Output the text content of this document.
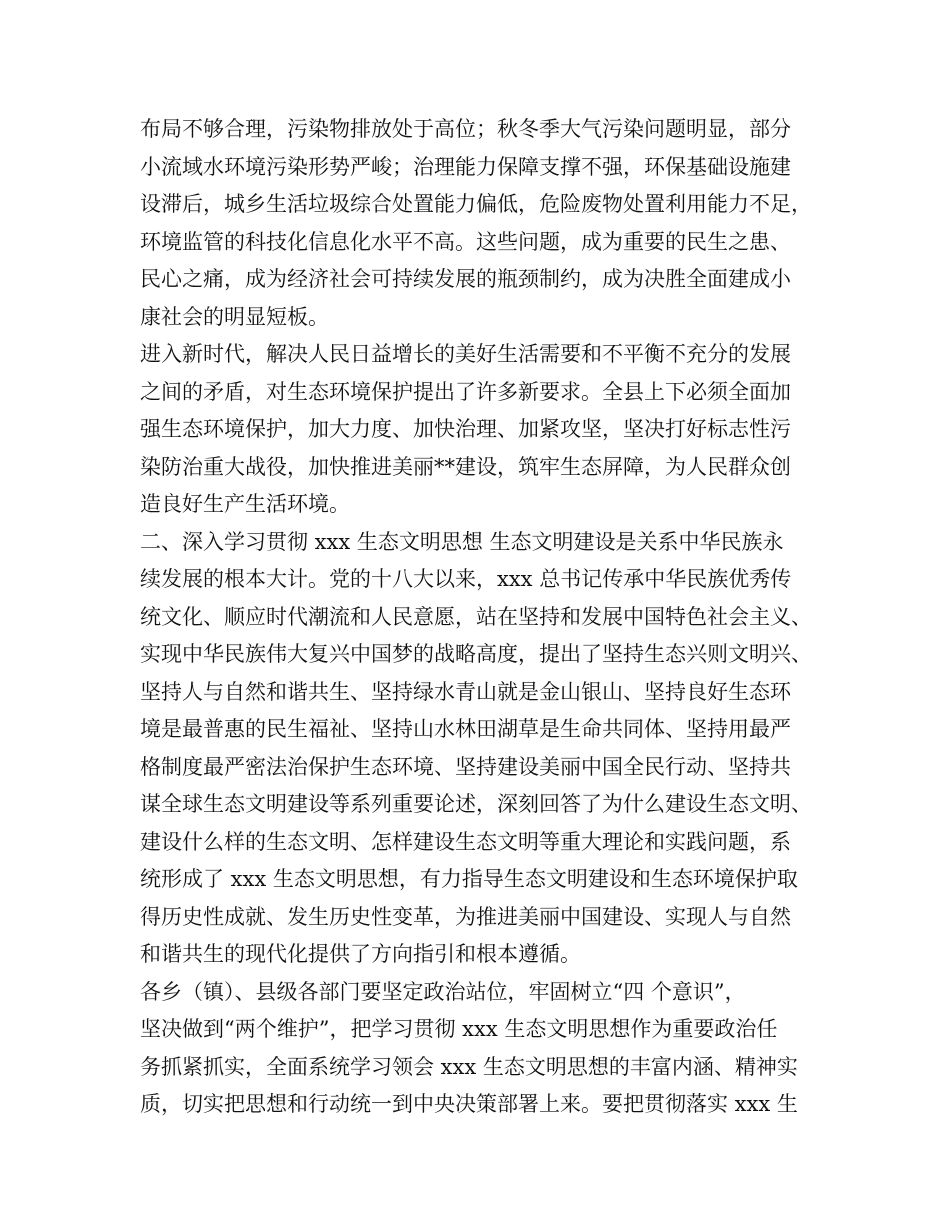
布局不够合理，污染物排放处于高位；秋冬季大气污染问题明显，部分
小流域水环境污染形势严峻；治理能力保障支撑不强，环保基础设施建
设滞后，城乡生活垃圾综合处置能力偏低，危险废物处置利用能力不足，
环境监管的科技化信息化水平不高。这些问题，成为重要的民生之患、
民心之痛，成为经济社会可持续发展的瓶颈制约，成为决胜全面建成小
康社会的明显短板。
进入新时代，解决人民日益增长的美好生活需要和不平衡不充分的发展
之间的矛盾，对生态环境保护提出了许多新要求。全县上下必须全面加
强生态环境保护，加大力度、加快治理、加紧攻坚，坚决打好标志性污
染防治重大战役，加快推进美丽**建设，筑牢生态屏障，为人民群众创
造良好生产生活环境。
二、深入学习贯彻 xxx 生态文明思想 生态文明建设是关系中华民族永
续发展的根本大计。党的十八大以来，xxx 总书记传承中华民族优秀传
统文化、顺应时代潮流和人民意愿，站在坚持和发展中国特色社会主义、
实现中华民族伟大复兴中国梦的战略高度，提出了坚持生态兴则文明兴、
坚持人与自然和谐共生、坚持绿水青山就是金山银山、坚持良好生态环
境是最普惠的民生福祉、坚持山水林田湖草是生命共同体、坚持用最严
格制度最严密法治保护生态环境、坚持建设美丽中国全民行动、坚持共
谋全球生态文明建设等系列重要论述，深刻回答了为什么建设生态文明、
建设什么样的生态文明、怎样建设生态文明等重大理论和实践问题，系
统形成了 xxx 生态文明思想，有力指导生态文明建设和生态环境保护取
得历史性成就、发生历史性变革，为推进美丽中国建设、实现人与自然
和谐共生的现代化提供了方向指引和根本遵循。
各乡（镇）、县级各部门要坚定政治站位，牢固树立“四 个意识”，
坚决做到“两个维护”，把学习贯彻 xxx 生态文明思想作为重要政治任
务抓紧抓实，全面系统学习领会 xxx 生态文明思想的丰富内涵、精神实
质，切实把思想和行动统一到中央决策部署上来。要把贯彻落实 xxx 生
